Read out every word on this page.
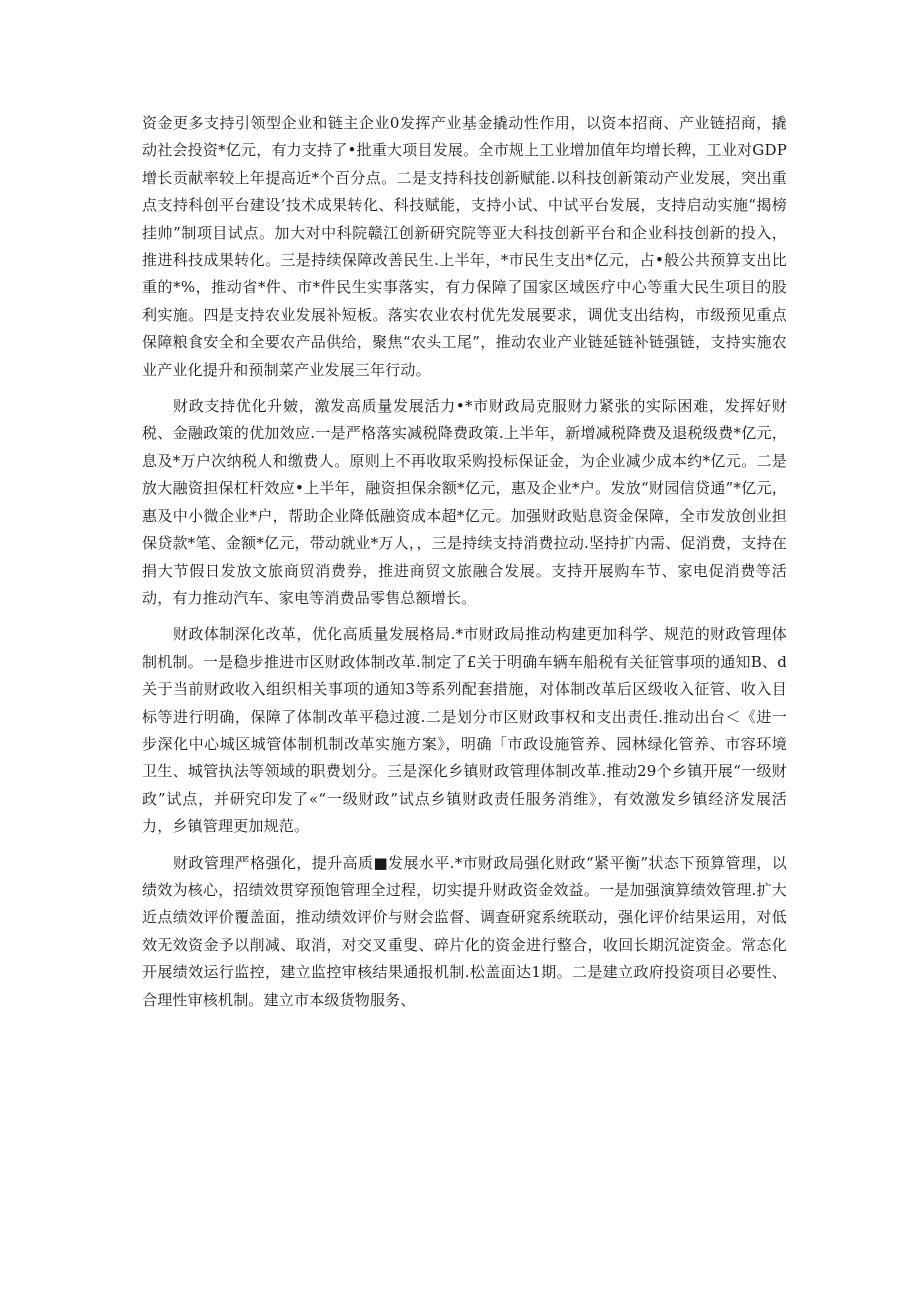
资金更多支持引领型企业和链主企业0发挥产业基金撬动性作用，以资本招商、产业链招商，撬动社会投资*亿元，有力支持了•批重大项目发展。全市规上工业增加值年均增长稗，工业对GDP增长贡献率较上年提高近*个百分点。二是支持科技创新赋能.以科技创新策动产业发展，突出重点支持科创平台建设’技术成果转化、科技赋能，支持小试、中试平台发展，支持启动实施“揭榜挂帅”制项目试点。加大对中科院赣江创新研究院等亚大科技创新平台和企业科技创新的投入，推进科技成果转化。三是持续保障改善民生.上半年，*市民生支出*亿元，占•般公共预算支出比重的*%，推动省*件、市*件民生实事落实，有力保障了国家区域医疗中心等重大民生项目的股利实施。四是支持农业发展补短板。落实农业农村优先发展要求，调优支出结构，市级预见重点保障粮食安全和全要农产品供给，聚焦“农头工尾”，推动农业产业链延链补链强链，支持实施农业产业化提升和预制菜产业发展三年行动。

财政支持优化升皴，激发高质量发展活力•*市财政局克服财力紧张的实际困难，发挥好财税、金融政策的优加效应.一是严格落实减税降费政策.上半年，新增减税降费及退税级费*亿元，息及*万户次纳税人和缴费人。原则上不再收取采购投标保证金，为企业减少成本约*亿元。二是放大融资担保杠杆效应•上半年，融资担保余额*亿元，惠及企业*户。发放“财园信贷通”*亿元，惠及中小微企业*户，帮助企业降低融资成本超*亿元。加强财政贴息资金保障，全市发放创业担保贷款*笔、金额*亿元，带动就业*万人，，三是持续支持消费拉动.坚持扩内需、促消费，支持在捐大节假日发放文旅商贸消费券，推进商贸文旅融合发展。支持开展购车节、家电促消费等活动，有力推动汽车、家电等消费品零售总额增长。

财政体制深化改革，优化高质量发展格局.*市财政局推动构建更加科学、规范的财政管理体制机制。一是稳步推进市区财政体制改革.制定了£关于明确车辆车船税有关征管事项的通知B、d关于当前财政收入组织相关事项的通知3等系列配套措施，对体制改革后区级收入征管、收入目标等进行明确，保障了体制改革平稳过渡.二是划分市区财政事权和支出责任.推动出台＜《进一步深化中心城区城管体制机制改革实施方案》，明确「市政设施管养、园林绿化管养、市容环境卫生、城管执法等领域的职费划分。三是深化乡镇财政管理体制改革.推动29个乡镇开展“一级财政”试点，并研究印发了«“一级财政”试点乡镇财政责任服务消维》，有效激发乡镇经济发展活力，乡镇管理更加规范。

财政管理严格强化，提升高质■发展水平.*市财政局强化财政“紧平衡”状态下预算管理，以绩效为核心，招绩效贯穿预饱管理全过程，切实提升财政资金效益。一是加强演算绩效管理.扩大近点绩效评价覆盖面，推动绩效评价与财会监督、调查研窕系统联动，强化评价结果运用，对低效无效资金予以削减、取消，对交叉重叟、碎片化的资金进行整合，收回长期沉淀资金。常态化开展绩效运行监控，建立监控审核结果通报机制.松盖面达1期。二是建立政府投资项目必要性、合理性审核机制。建立市本级货物服务、
